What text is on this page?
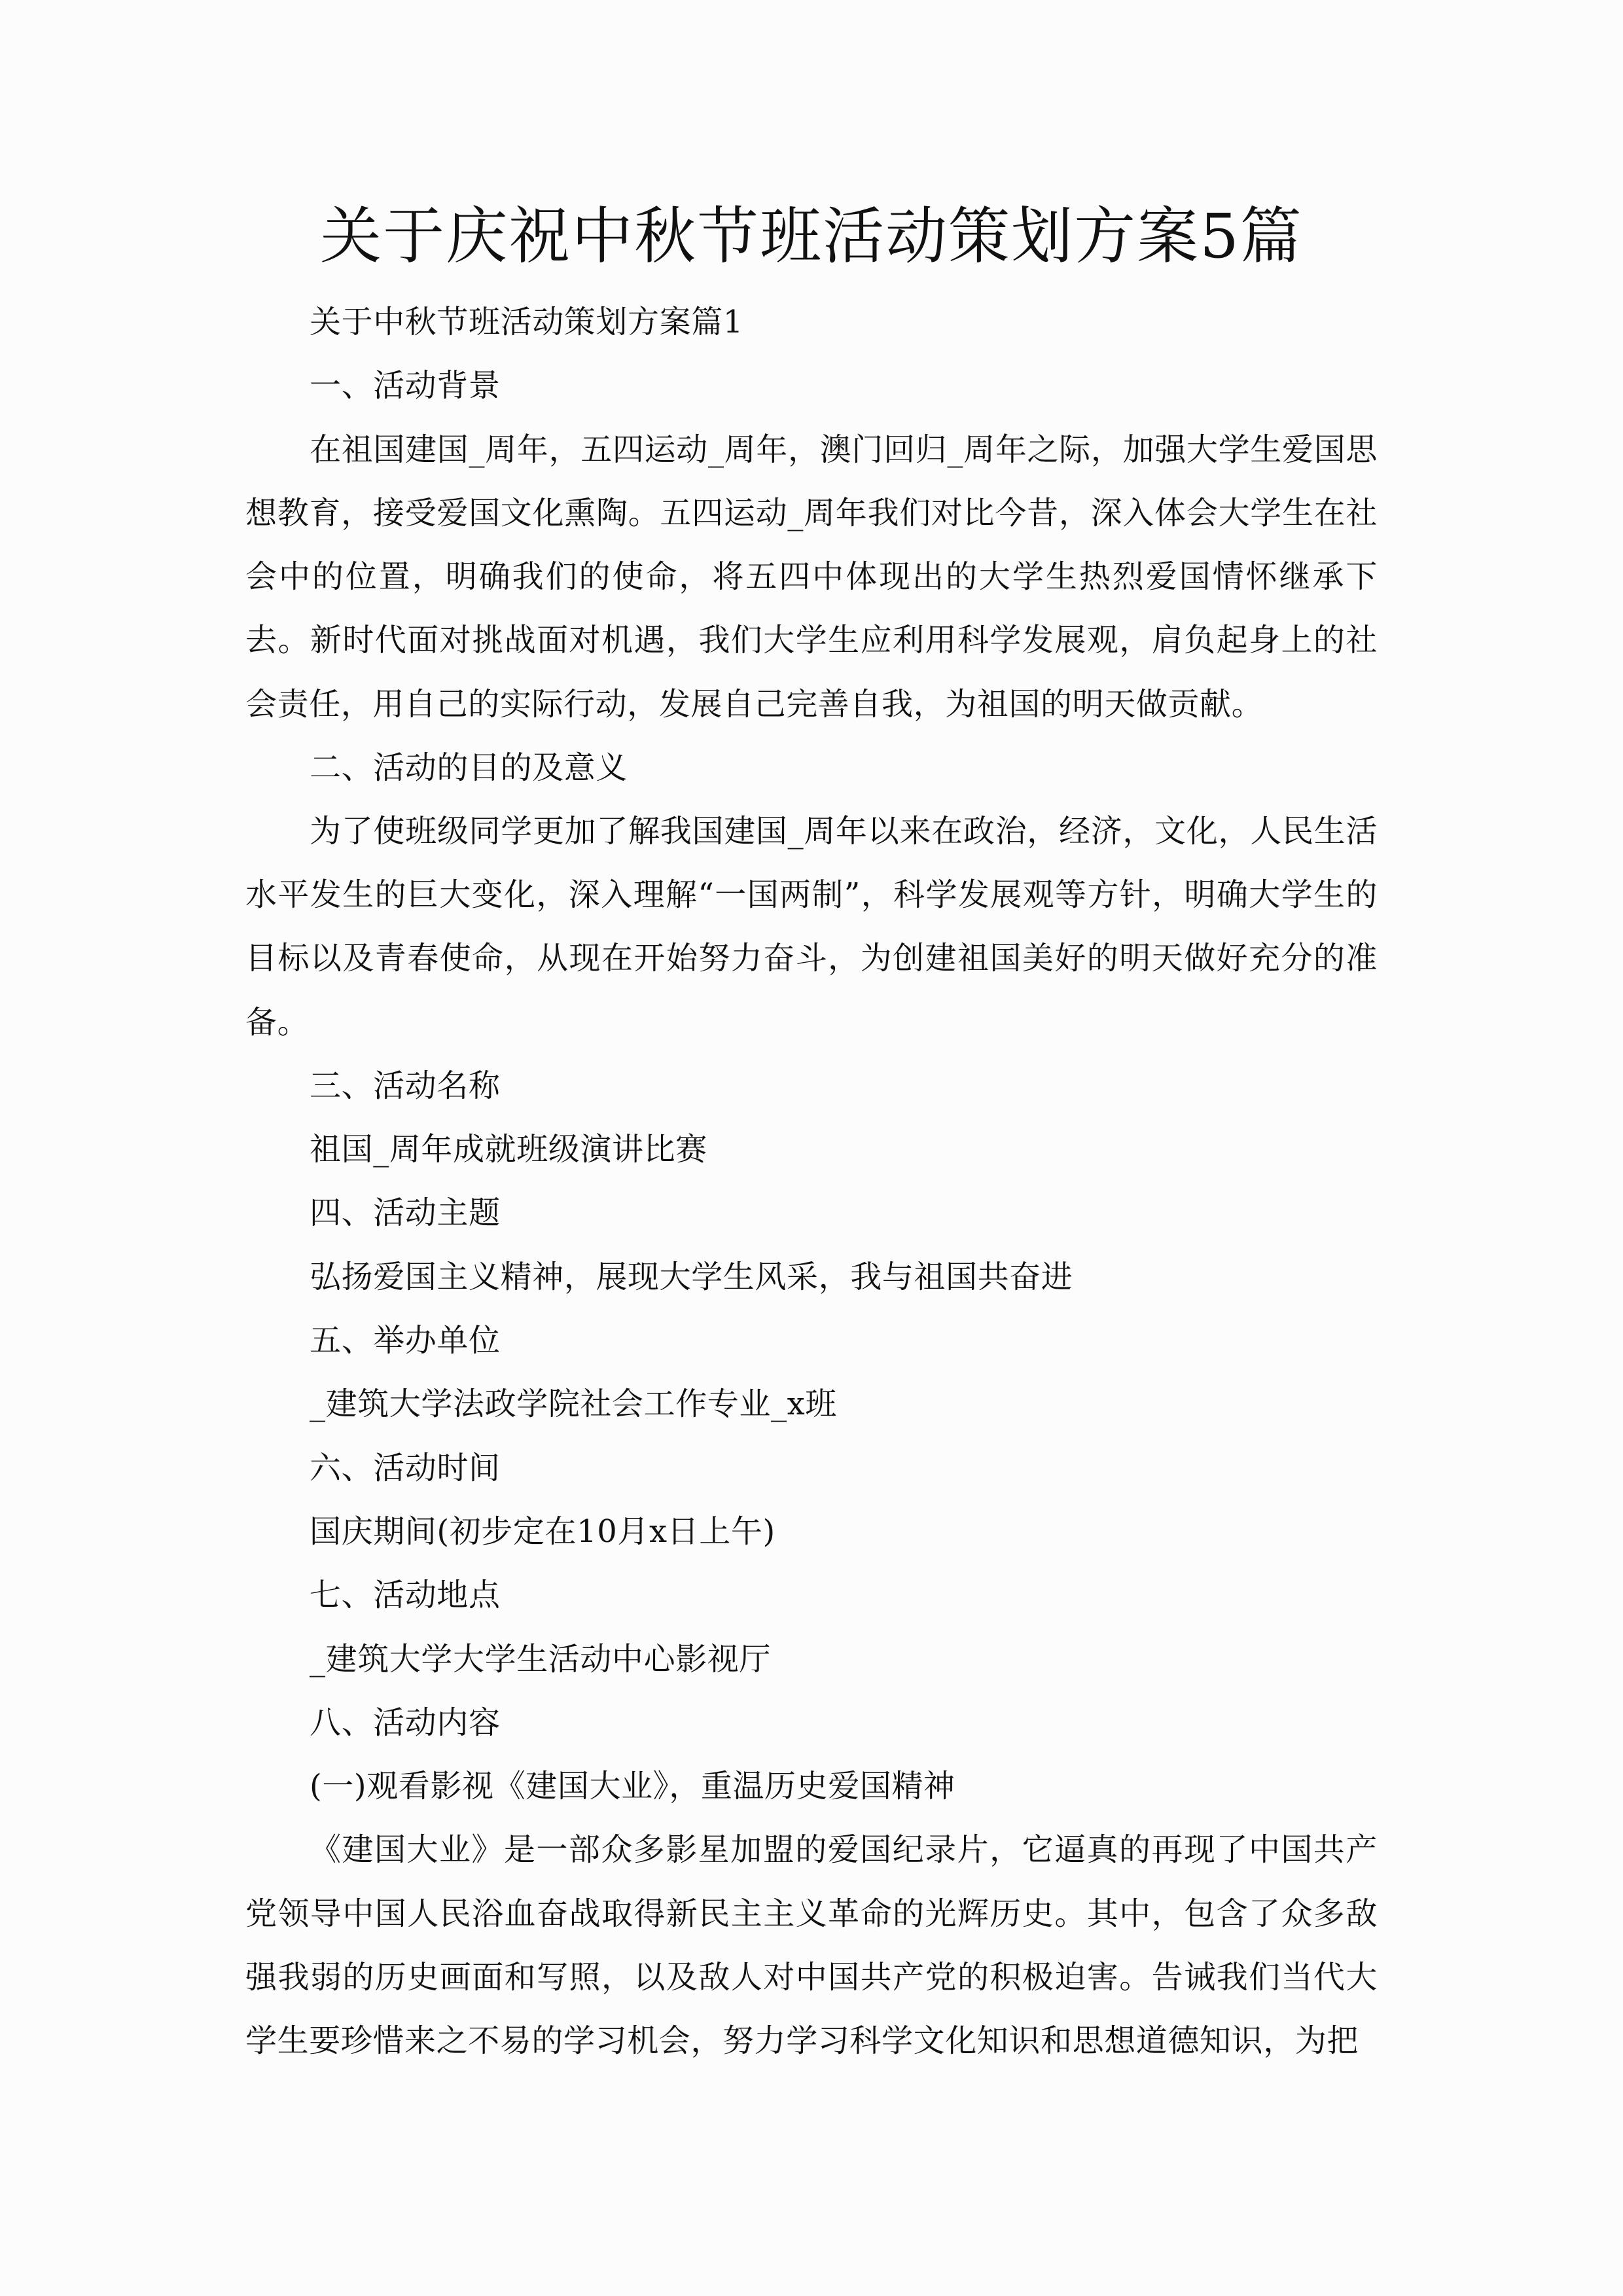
关于庆祝中秋节班活动策划方案5篇

关于中秋节班活动策划方案篇1

一、活动背景

在祖国建国_周年，五四运动_周年，澳门回归_周年之际，加强大学生爱国思想教育，接受爱国文化熏陶。五四运动_周年我们对比今昔，深入体会大学生在社会中的位置，明确我们的使命，将五四中体现出的大学生热烈爱国情怀继承下去。新时代面对挑战面对机遇，我们大学生应利用科学发展观，肩负起身上的社会责任，用自己的实际行动，发展自己完善自我，为祖国的明天做贡献。

二、活动的目的及意义

为了使班级同学更加了解我国建国_周年以来在政治，经济，文化，人民生活水平发生的巨大变化，深入理解“一国两制”，科学发展观等方针，明确大学生的目标以及青春使命，从现在开始努力奋斗，为创建祖国美好的明天做好充分的准备。

三、活动名称

祖国_周年成就班级演讲比赛

四、活动主题

弘扬爱国主义精神，展现大学生风采，我与祖国共奋进

五、举办单位

_建筑大学法政学院社会工作专业_x班

六、活动时间

国庆期间(初步定在10月x日上午)

七、活动地点

_建筑大学大学生活动中心影视厅

八、活动内容

(一)观看影视《建国大业》，重温历史爱国精神

《建国大业》是一部众多影星加盟的爱国纪录片，它逼真的再现了中国共产党领导中国人民浴血奋战取得新民主主义革命的光辉历史。其中，包含了众多敌强我弱的历史画面和写照，以及敌人对中国共产党的积极迫害。告诫我们当代大学生要珍惜来之不易的学习机会，努力学习科学文化知识和思想道德知识，为把
